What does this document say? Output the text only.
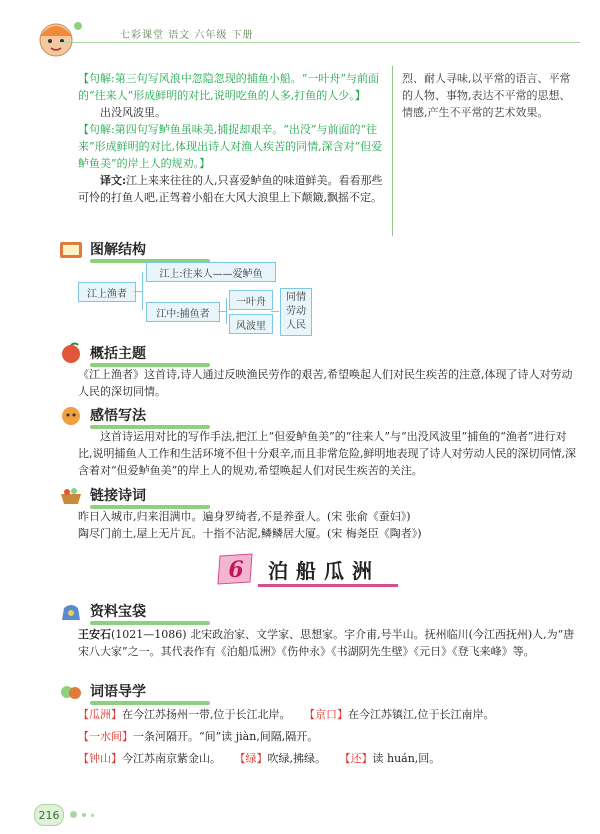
七彩课堂 语文 六年级 下册

【句解:第三句写风浪中忽隐忽现的捕鱼小船。“一叶舟”与前面的“往来人”形成鲜明的对比,说明吃鱼的人多,打鱼的人少。】

出没风波里。

【句解:第四句写鲈鱼虽味美,捕捉却艰辛。“出没”与前面的“往来”形成鲜明的对比,体现出诗人对渔人疾苦的同情,深含对“但爱鲈鱼美”的岸上人的规劝。】

译文:江上来来往往的人,只喜爱鲈鱼的味道鲜美。看看那些可怜的打鱼人吧,正驾着小船在大风大浪里上下颠簸,飘摇不定。

烈、耐人寻味,以平常的语言、平常的人物、事物,表达不平常的思想、情感,产生不平常的艺术效果。
图解结构
江上渔者
江上:往来人——爱鲈鱼
江中:捕鱼者
一叶舟
风波里
同情
劳动
人民
概括主题

《江上渔者》这首诗,诗人通过反映渔民劳作的艰苦,希望唤起人们对民生疾苦的注意,体现了诗人对劳动人民的深切同情。

感悟写法

这首诗运用对比的写作手法,把江上“但爱鲈鱼美”的“往来人”与“出没风波里”捕鱼的“渔者”进行对比,说明捕鱼人工作和生活环境不但十分艰辛,而且非常危险,鲜明地表现了诗人对劳动人民的深切同情,深含着对“但爱鲈鱼美”的岸上人的规劝,希望唤起人们对民生疾苦的关注。

链接诗词

昨日入城市,归来泪满巾。遍身罗绮者,不是养蚕人。(宋 张俞《蚕妇》)

陶尽门前土,屋上无片瓦。十指不沾泥,鳞鳞居大厦。(宋 梅尧臣《陶者》)

6 泊船瓜洲
资料宝袋

王安石(1021—1086) 北宋政治家、文学家、思想家。字介甫,号半山。抚州临川(今江西抚州)人,为“唐宋八大家”之一。其代表作有《泊船瓜洲》《伤仲永》《书湖阴先生壁》《元日》《登飞来峰》等。

词语导学

【瓜洲】在今江苏扬州一带,位于长江北岸。 【京口】在今江苏镇江,位于长江南岸。

【一水间】一条河隔开。“间”读 jiàn,间隔,隔开。

【钟山】今江苏南京紫金山。 【绿】吹绿,拂绿。 【还】读 huán,回。

216
